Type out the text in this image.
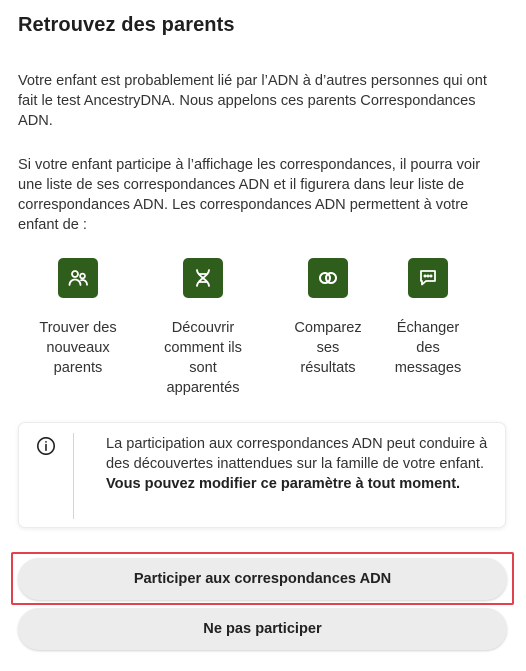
Retrouvez des parents

Votre enfant est probablement lié par l’ADN à d’autres personnes qui ont fait le test AncestryDNA. Nous appelons ces parents Correspondances ADN.

Si votre enfant participe à l’affichage les correspondances, il pourra voir une liste de ses correspondances ADN et il figurera dans leur liste de correspondances ADN. Les correspondances ADN permettent à votre enfant de :

Trouver des
nouveaux
parents
Découvrir
comment ils
sont
apparentés
Comparez
ses
résultats
Échanger
des
messages

La participation aux correspondances ADN peut conduire à des découvertes inattendues sur la famille de votre enfant. Vous pouvez modifier ce paramètre à tout moment.

Participer aux correspondances ADN
Ne pas participer
